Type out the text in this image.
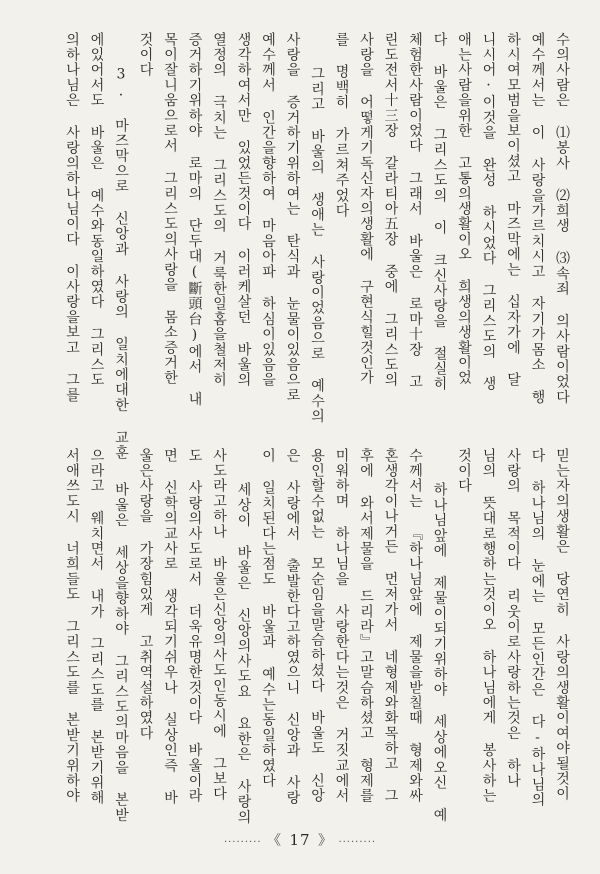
수의사람은 ⑴봉사 ⑵희생 ⑶속죄 의사람이었다
예수께서는 이 사랑을가르치시고 자기가몸소 행
하시여모범을보이셨고 마즈막에는 십자가에 달
니시어·이것을 완성 하시었다 그리스도의 생
애는사람을위한 고통의생활이오 희생의생활이었
다 바울은 그리스도의 이 크신사랑을 절실히
체험한사람이었다 그래서 바울은 로마十장 고
린도전서十三장 갈라티아五장 중에 그리스도의
사랑을 어떻게기독신자의생활에 구현식힐것인가
를 명백히 가르쳐주었다
그리고 바울의 생애는 사랑이었음으로 예수의
사랑을 증거하기위하여는 탄식과 눈물이있음으로
예수께서 인간을향하여 마음아파 하심이있음을
생각하여서만 있었든것이다 이러케살던 바울의
열정의 극치는 그리스도의 거룩한일홈을철저히
증거하기위하야 로마의 단두대(斷頭台)에서 내
목이잘니움으로서 그리스도의사랑을 몸소증거한
것이다
3. 마즈막으로 신앙과 사랑의 일치에대한 교훈
에있어서도 바울은 예수와동일하였다 그리스도
의하나님은 사랑의하나님이다 이사랑을보고 그를
믿는자의생활은 당연히 사랑의생활이여야될것이
다 하나님의 눈에는 모든인간은 다-하나님의
사랑의 목적이다 리웃이로사랑하는것은 하나
님의 뜻대로행하는것이오 하나님에게 봉사하는
것이다
하나님앞에 제물이되기위하야 세상에오신 예
수께서는 『하나님앞에 제물을받칠때 형제와싸
혼생각이나거든 먼저가서 네형제와화목하고 그
후에 와서제물을 드리라』고말슴하셨고 형제를
미워하며 하나님을 사랑한다는것은 거짓교에서
용인할수없는 모순임을말슴하셨다 바울도 신앙
은 사랑에서 출발한다고하였으니 신앙과 사랑
이 일치된다는점도 바울과 예수는동일하였다
세상이 바울은 신앙의사도요 요한은 사랑의
사도라고하나 바울은신앙의사도인동시에 그보다
도 사랑의사도로서 더욱유명한것이다 바울이라
면 신학의교사로 생각되기쉬우나 실상인즉 바
울은사랑을 가장힘있게 고취역설하였다
바울은 세상을향하야 그리스도의마음을 본받
으라고 웨치면서 내가 그리스도를 본받기위해
서애쓰도시 너희들도 그리스도를 본받기위하야
········· 《 17 》 ·········
